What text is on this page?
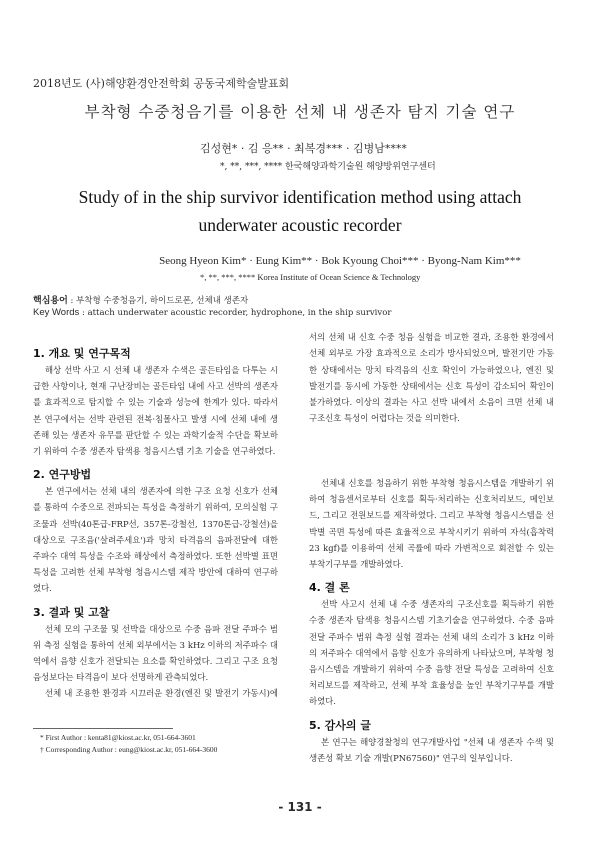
2018년도 (사)해양환경안전학회 공동국제학술발표회
부착형 수중청음기를 이용한 선체 내 생존자 탐지 기술 연구
김성현* · 김 응** · 최복경*** · 김병남****
*, **, ***, **** 한국해양과학기술원 해양방위연구센터
Study of in the ship survivor identification method using attach underwater acoustic recorder
Seong Hyeon Kim* · Eung Kim** · Bok Kyoung Choi*** · Byong-Nam Kim***
*, **, ***, **** Korea Institute of Ocean Science & Technology
핵심용어 : 부착형 수중청음기, 하이드로폰, 선체내 생존자
Key Words : attach underwater acoustic recorder, hydrophone, in the ship survivor
1. 개요 및 연구목적

해상 선박 사고 시 선체 내 생존자 수색은 골든타임을 다투는 시급한 사항이나, 현재 구난장비는 골든타임 내에 사고 선박의 생존자를 효과적으로 탐지할 수 있는 기술과 성능에 한계가 있다. 따라서 본 연구에서는 선박 관련된 전복·침몰사고 발생 시에 선체 내에 생존해 있는 생존자 유무를 판단할 수 있는 과학기술적 수단을 확보하기 위하여 수중 생존자 탐색용 청음시스템 기초 기술을 연구하였다.

2. 연구방법

본 연구에서는 선체 내의 생존자에 의한 구조 요청 신호가 선체를 통하여 수중으로 전파되는 특성을 측정하기 위하여, 모의실험 구조물과 선박(40톤급-FRP선, 357톤-강철선, 1370톤급-강철선)을 대상으로 구조음('살려주세요')과 망치 타격음의 음파전달에 대한 주파수 대역 특성을 수조와 해상에서 측정하였다. 또한 선박별 표면 특성을 고려한 선체 부착형 청음시스템 제작 방안에 대하여 연구하였다.

3. 결과 및 고찰

선체 모의 구조물 및 선박을 대상으로 수중 음파 전달 주파수 범위 측정 실험을 통하여 선체 외부에서는 3 kHz 이하의 저주파수 대역에서 음향 신호가 전달되는 요소를 확인하였다. 그리고 구조 요청 음성보다는 타격음이 보다 선명하게 관측되었다.

선체 내 조용한 환경과 시끄러운 환경(엔진 및 발전기 가동시)에

서의 선체 내 신호 수중 청음 실험을 비교한 결과, 조용한 환경에서 선체 외부로 가장 효과적으로 소리가 방사되었으며, 발전기만 가동한 상태에서는 망치 타격음의 신호 확인이 가능하였으나, 엔진 및 발전기를 동시에 가동한 상태에서는 신호 특성이 감소되어 확인이 불가하였다. 이상의 결과는 사고 선박 내에서 소음이 크면 선체 내 구조신호 특성이 어렵다는 것을 의미한다.

선체내 신호를 청음하기 위한 부착형 청음시스템을 개발하기 위하여 청음센서로부터 신호를 획득·처리하는 신호처리보드, 메인보드, 그리고 전원보드를 제작하였다. 그리고 부착형 청음시스템을 선박별 곡면 특성에 따른 효율적으로 부착시키기 위하여 자석(흡착력 23 kgf)를 이용하여 선체 곡률에 따라 가변적으로 회전할 수 있는 부착기구부를 개발하였다.

4. 결 론

선박 사고시 선체 내 수중 생존자의 구조신호를 획득하기 위한 수중 생존자 탐색용 청음시스템 기초기술을 연구하였다. 수중 음파 전달 주파수 범위 측정 실험 결과는 선체 내의 소리가 3 kHz 이하의 저주파수 대역에서 음향 신호가 유의하게 나타났으며, 부착형 청음시스템을 개발하기 위하여 수중 음향 전달 특성을 고려하여 신호처리보드를 제작하고, 선체 부착 효율성을 높인 부착기구부를 개발하였다.

5. 감사의 글

본 연구는 해양경찰청의 연구개발사업 "선체 내 생존자 수색 및 생존성 확보 기술 개발(PN67560)" 연구의 일부입니다.

* First Author : kenta81@kiost.ac.kr, 051-664-3601
† Corresponding Author : eung@kiost.ac.kr, 051-664-3600
- 131 -
